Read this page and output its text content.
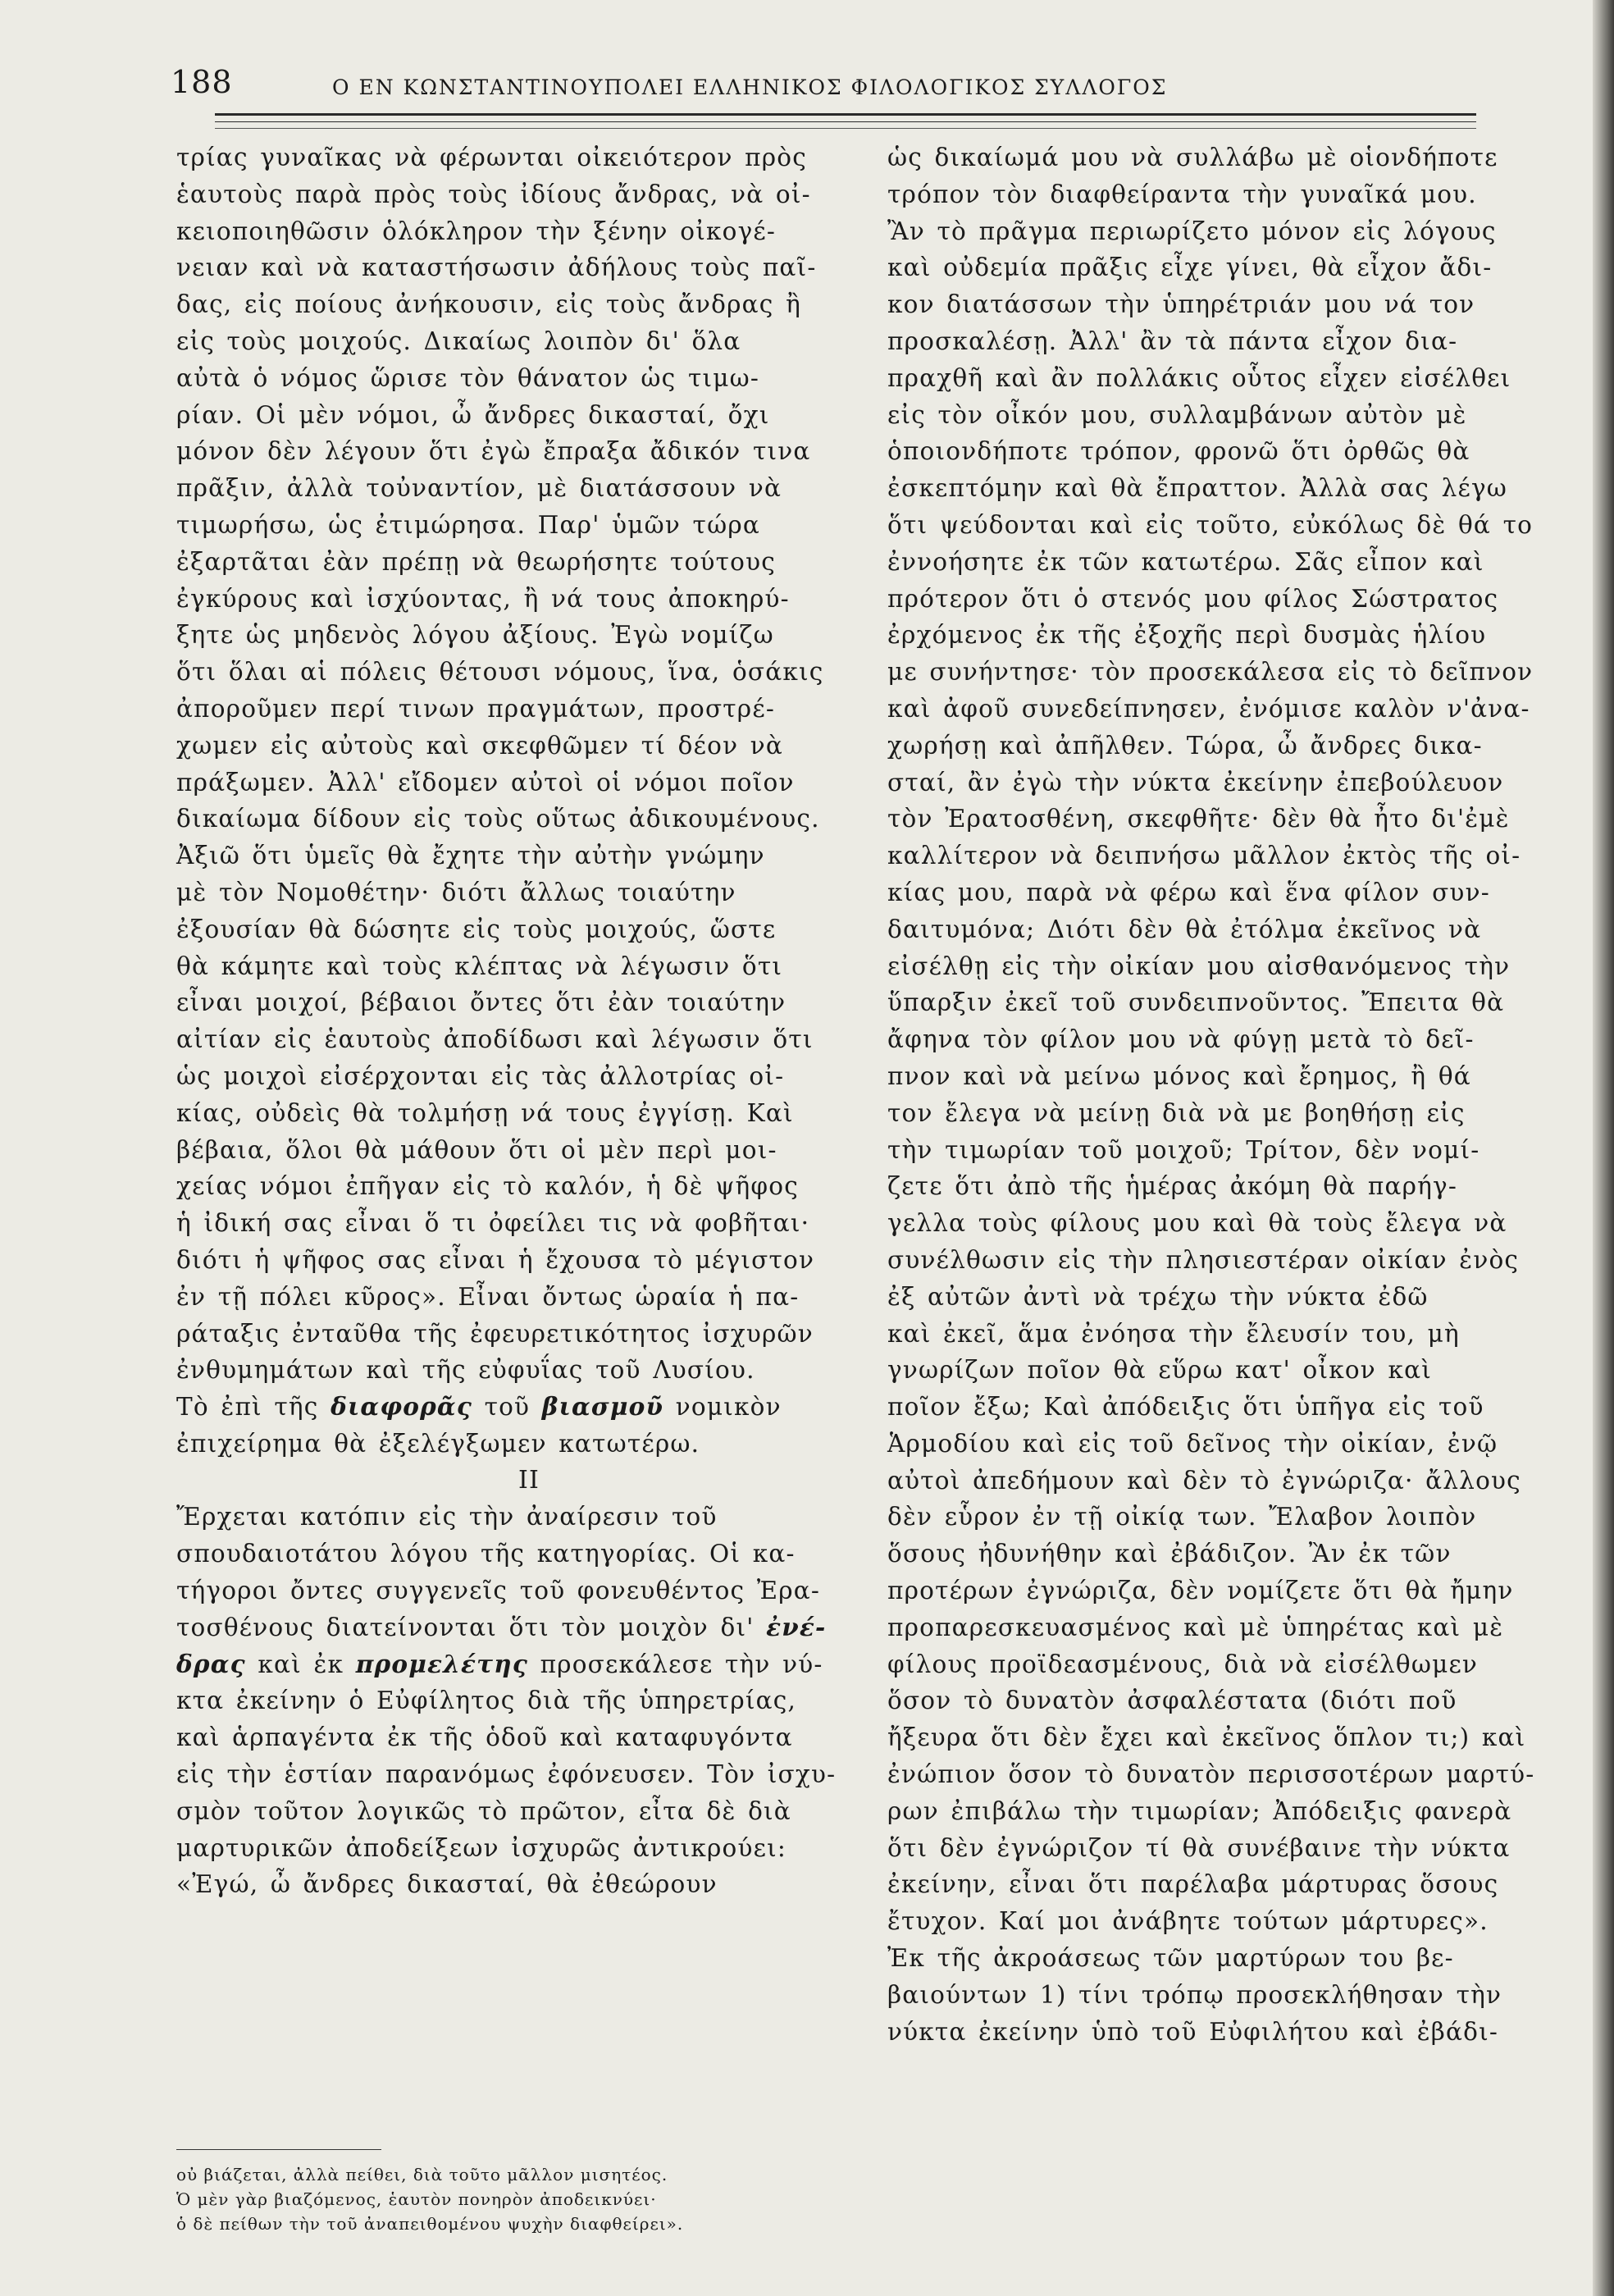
188	Ο ΕΝ ΚΩΝΣΤΑΝΤΙΝΟΥΠΟΛΕΙ ΕΛΛΗΝΙΚΟΣ ΦΙΛΟΛΟΓΙΚΟΣ ΣΥΛΛΟΓΟΣ
τρίας γυναῖκας νὰ φέρωνται οἰκειότερον πρὸς
ἑαυτοὺς παρὰ πρὸς τοὺς ἰδίους ἄνδρας, νὰ οἰ-
κειοποιηθῶσιν ὁλόκληρον τὴν ξένην οἰκογέ-
νειαν καὶ νὰ καταστήσωσιν ἀδήλους τοὺς παῖ-
δας, εἰς ποίους ἀνήκουσιν, εἰς τοὺς ἄνδρας ἢ
εἰς τοὺς μοιχούς. Δικαίως λοιπὸν δι' ὅλα
αὐτὰ ὁ νόμος ὥρισε τὸν θάνατον ὡς τιμω-
ρίαν. Οἱ μὲν νόμοι, ὦ ἄνδρες δικασταί, ὄχι
μόνον δὲν λέγουν ὅτι ἐγὼ ἔπραξα ἄδικόν τινα
πρᾶξιν, ἀλλὰ τοὐναντίον, μὲ διατάσσουν νὰ
τιμωρήσω, ὡς ἐτιμώρησα. Παρ' ὑμῶν τώρα
ἐξαρτᾶται ἐὰν πρέπῃ νὰ θεωρήσητε τούτους
ἐγκύρους καὶ ἰσχύοντας, ἢ νά τους ἀποκηρύ-
ξητε ὡς μηδενὸς λόγου ἀξίους. Ἐγὼ νομίζω
ὅτι ὅλαι αἱ πόλεις θέτουσι νόμους, ἵνα, ὁσάκις
ἀποροῦμεν περί τινων πραγμάτων, προστρέ-
χωμεν εἰς αὐτοὺς καὶ σκεφθῶμεν τί δέον νὰ
πράξωμεν. Ἀλλ' εἴδομεν αὐτοὶ οἱ νόμοι ποῖον
δικαίωμα δίδουν εἰς τοὺς οὕτως ἀδικουμένους.
Ἀξιῶ ὅτι ὑμεῖς θὰ ἔχητε τὴν αὐτὴν γνώμην
μὲ τὸν Νομοθέτην· διότι ἄλλως τοιαύτην
ἐξουσίαν θὰ δώσητε εἰς τοὺς μοιχούς, ὥστε
θὰ κάμητε καὶ τοὺς κλέπτας νὰ λέγωσιν ὅτι
εἶναι μοιχοί, βέβαιοι ὄντες ὅτι ἐὰν τοιαύτην
αἰτίαν εἰς ἑαυτοὺς ἀποδίδωσι καὶ λέγωσιν ὅτι
ὡς μοιχοὶ εἰσέρχονται εἰς τὰς ἀλλοτρίας οἰ-
κίας, οὐδεὶς θὰ τολμήσῃ νά τους ἐγγίσῃ. Καὶ
βέβαια, ὅλοι θὰ μάθουν ὅτι οἱ μὲν περὶ μοι-
χείας νόμοι ἐπῆγαν εἰς τὸ καλόν, ἡ δὲ ψῆφος
ἡ ἰδική σας εἶναι ὅ τι ὀφείλει τις νὰ φοβῆται·
διότι ἡ ψῆφος σας εἶναι ἡ ἔχουσα τὸ μέγιστον
ἐν τῇ πόλει κῦρος». Εἶναι ὄντως ὡραία ἡ πα-
ράταξις ἐνταῦθα τῆς ἐφευρετικότητος ἰσχυρῶν
ἐνθυμημάτων καὶ τῆς εὐφυΐας τοῦ Λυσίου.
Τὸ ἐπὶ τῆς διαφορᾶς τοῦ βιασμοῦ νομικὸν
ἐπιχείρημα θὰ ἐξελέγξωμεν κατωτέρω.
II
Ἔρχεται κατόπιν εἰς τὴν ἀναίρεσιν τοῦ
σπουδαιοτάτου λόγου τῆς κατηγορίας. Οἱ κα-
τήγοροι ὄντες συγγενεῖς τοῦ φονευθέντος Ἐρα-
τοσθένους διατείνονται ὅτι τὸν μοιχὸν δι' ἐνέ-
δρας καὶ ἐκ προμελέτης προσεκάλεσε τὴν νύ-
κτα ἐκείνην ὁ Εὐφίλητος διὰ τῆς ὑπηρετρίας,
καὶ ἁρπαγέντα ἐκ τῆς ὁδοῦ καὶ καταφυγόντα
εἰς τὴν ἑστίαν παρανόμως ἐφόνευσεν. Τὸν ἰσχυ-
σμὸν τοῦτον λογικῶς τὸ πρῶτον, εἶτα δὲ διὰ
μαρτυρικῶν ἀποδείξεων ἰσχυρῶς ἀντικρούει:
«Ἐγώ, ὦ ἄνδρες δικασταί, θὰ ἐθεώρουν
ὡς δικαίωμά μου νὰ συλλάβω μὲ οἱονδήποτε
τρόπον τὸν διαφθείραντα τὴν γυναῖκά μου.
Ἂν τὸ πρᾶγμα περιωρίζετο μόνον εἰς λόγους
καὶ οὐδεμία πρᾶξις εἶχε γίνει, θὰ εἶχον ἄδι-
κον διατάσσων τὴν ὑπηρέτριάν μου νά τον
προσκαλέσῃ. Ἀλλ' ἂν τὰ πάντα εἶχον δια-
πραχθῆ καὶ ἂν πολλάκις οὗτος εἶχεν εἰσέλθει
εἰς τὸν οἶκόν μου, συλλαμβάνων αὐτὸν μὲ
ὁποιονδήποτε τρόπον, φρονῶ ὅτι ὀρθῶς θὰ
ἐσκεπτόμην καὶ θὰ ἔπραττον. Ἀλλὰ σας λέγω
ὅτι ψεύδονται καὶ εἰς τοῦτο, εὐκόλως δὲ θά το
ἐννοήσητε ἐκ τῶν κατωτέρω. Σᾶς εἶπον καὶ
πρότερον ὅτι ὁ στενός μου φίλος Σώστρατος
ἐρχόμενος ἐκ τῆς ἐξοχῆς περὶ δυσμὰς ἡλίου
με συνήντησε· τὸν προσεκάλεσα εἰς τὸ δεῖπνον
καὶ ἀφοῦ συνεδείπνησεν, ἐνόμισε καλὸν ν'ἀνα-
χωρήσῃ καὶ ἀπῆλθεν. Τώρα, ὦ ἄνδρες δικα-
σταί, ἂν ἐγὼ τὴν νύκτα ἐκείνην ἐπεβούλευον
τὸν Ἐρατοσθένη, σκεφθῆτε· δὲν θὰ ἦτο δι'ἐμὲ
καλλίτερον νὰ δειπνήσω μᾶλλον ἐκτὸς τῆς οἰ-
κίας μου, παρὰ νὰ φέρω καὶ ἕνα φίλον συν-
δαιτυμόνα; Διότι δὲν θὰ ἐτόλμα ἐκεῖνος νὰ
εἰσέλθῃ εἰς τὴν οἰκίαν μου αἰσθανόμενος τὴν
ὕπαρξιν ἐκεῖ τοῦ συνδειπνοῦντος. Ἔπειτα θὰ
ἄφηνα τὸν φίλον μου νὰ φύγῃ μετὰ τὸ δεῖ-
πνον καὶ νὰ μείνω μόνος καὶ ἔρημος, ἢ θά
τον ἔλεγα νὰ μείνῃ διὰ νὰ με βοηθήσῃ εἰς
τὴν τιμωρίαν τοῦ μοιχοῦ; Τρίτον, δὲν νομί-
ζετε ὅτι ἀπὸ τῆς ἡμέρας ἀκόμη θὰ παρήγ-
γελλα τοὺς φίλους μου καὶ θὰ τοὺς ἔλεγα νὰ
συνέλθωσιν εἰς τὴν πλησιεστέραν οἰκίαν ἐνὸς
ἐξ αὐτῶν ἀντὶ νὰ τρέχω τὴν νύκτα ἐδῶ
καὶ ἐκεῖ, ἅμα ἐνόησα τὴν ἔλευσίν του, μὴ
γνωρίζων ποῖον θὰ εὕρω κατ' οἶκον καὶ
ποῖον ἔξω; Καὶ ἀπόδειξις ὅτι ὑπῆγα εἰς τοῦ
Ἁρμοδίου καὶ εἰς τοῦ δεῖνος τὴν οἰκίαν, ἐνῷ
αὐτοὶ ἀπεδήμουν καὶ δὲν τὸ ἐγνώριζα· ἄλλους
δὲν εὗρον ἐν τῇ οἰκίᾳ των. Ἔλαβον λοιπὸν
ὅσους ἠδυνήθην καὶ ἐβάδιζον. Ἂν ἐκ τῶν
προτέρων ἐγνώριζα, δὲν νομίζετε ὅτι θὰ ἤμην
προπαρεσκευασμένος καὶ μὲ ὑπηρέτας καὶ μὲ
φίλους προϊδεασμένους, διὰ νὰ εἰσέλθωμεν
ὅσον τὸ δυνατὸν ἀσφαλέστατα (διότι ποῦ
ἤξευρα ὅτι δὲν ἔχει καὶ ἐκεῖνος ὅπλον τι;) καὶ
ἐνώπιον ὅσον τὸ δυνατὸν περισσοτέρων μαρτύ-
ρων ἐπιβάλω τὴν τιμωρίαν; Ἀπόδειξις φανερὰ
ὅτι δὲν ἐγνώριζον τί θὰ συνέβαινε τὴν νύκτα
ἐκείνην, εἶναι ὅτι παρέλαβα μάρτυρας ὅσους
ἔτυχον. Καί μοι ἀνάβητε τούτων μάρτυρες».
Ἐκ τῆς ἀκροάσεως τῶν μαρτύρων του βε-
βαιούντων 1) τίνι τρόπῳ προσεκλήθησαν τὴν
νύκτα ἐκείνην ὑπὸ τοῦ Εὐφιλήτου καὶ ἐβάδι-
οὐ βιάζεται, ἀλλὰ πείθει, διὰ τοῦτο μᾶλλον μισητέος.
Ὁ μὲν γὰρ βιαζόμενος, ἑαυτὸν πονηρὸν ἀποδεικνύει·
ὁ δὲ πείθων τὴν τοῦ ἀναπειθομένου ψυχὴν διαφθείρει».
